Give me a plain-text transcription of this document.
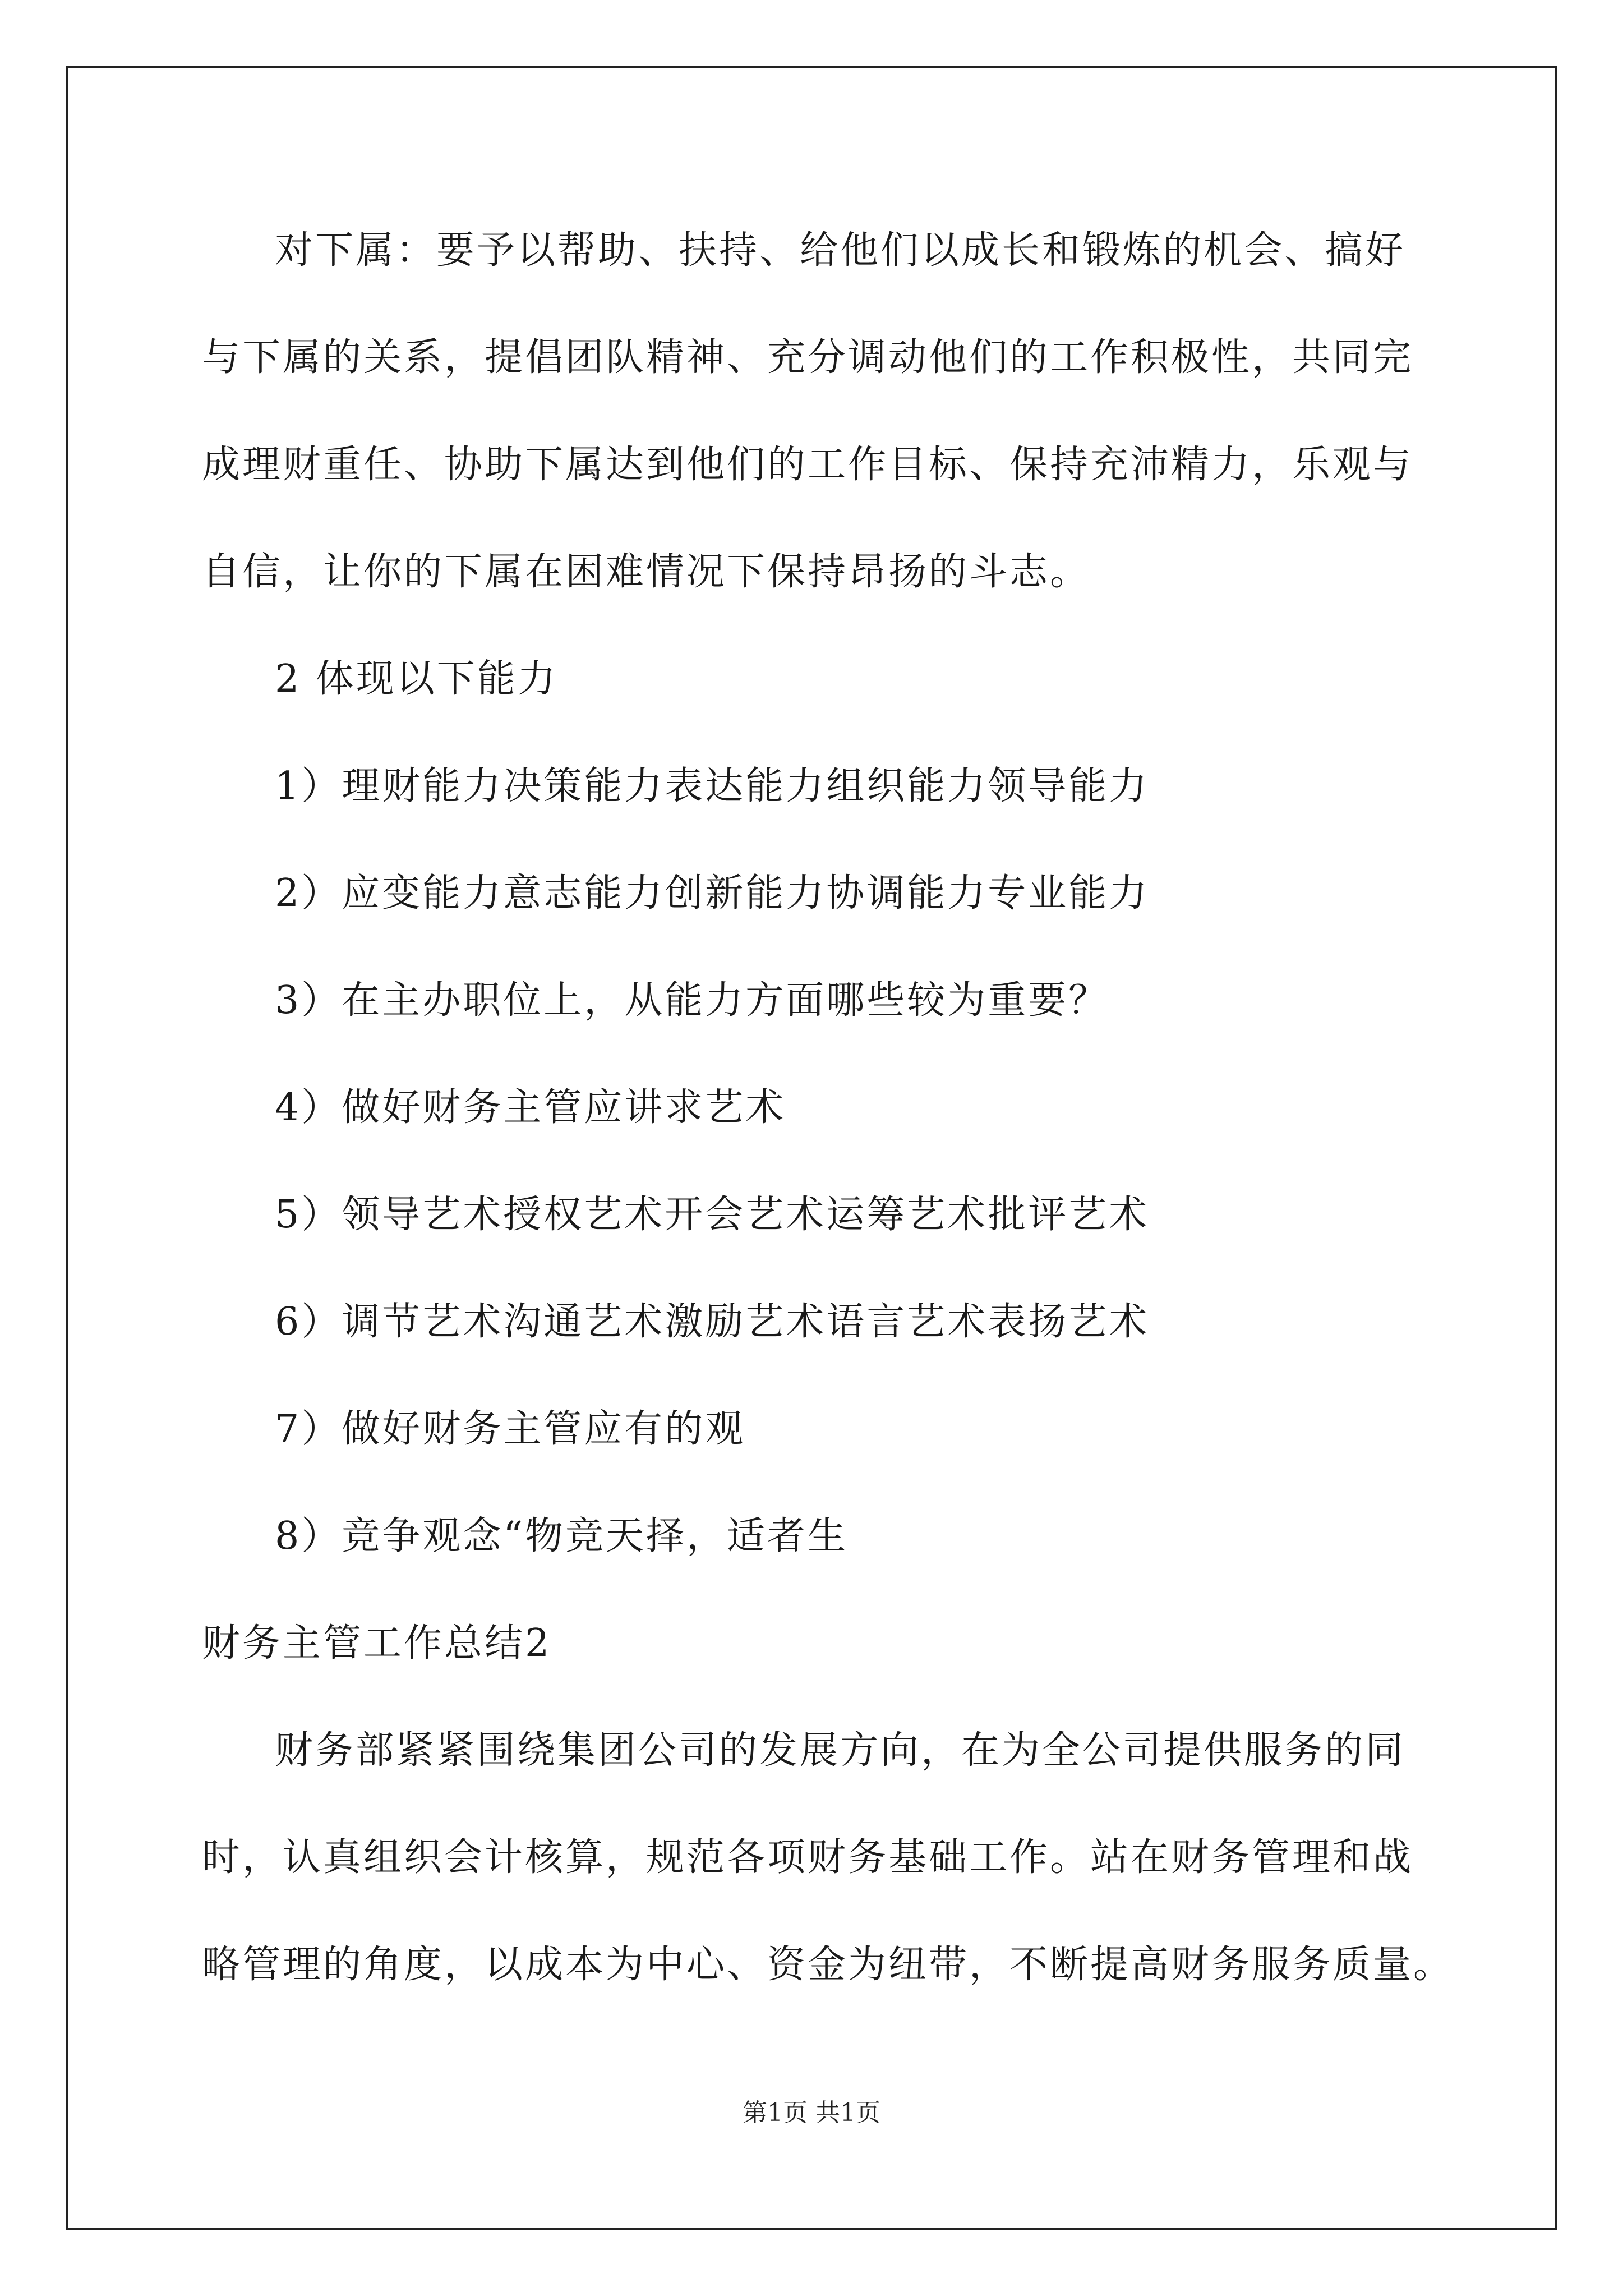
对下属：要予以帮助、扶持、给他们以成长和锻炼的机会、搞好
与下属的关系，提倡团队精神、充分调动他们的工作积极性，共同完
成理财重任、协助下属达到他们的工作目标、保持充沛精力，乐观与
自信，让你的下属在困难情况下保持昂扬的斗志。
2 体现以下能力
1）理财能力决策能力表达能力组织能力领导能力
2）应变能力意志能力创新能力协调能力专业能力
3）在主办职位上，从能力方面哪些较为重要？
4）做好财务主管应讲求艺术
5）领导艺术授权艺术开会艺术运筹艺术批评艺术
6）调节艺术沟通艺术激励艺术语言艺术表扬艺术
7）做好财务主管应有的观
8）竞争观念“物竞天择，适者生
财务主管工作总结2
财务部紧紧围绕集团公司的发展方向，在为全公司提供服务的同
时，认真组织会计核算，规范各项财务基础工作。站在财务管理和战
略管理的角度，以成本为中心、资金为纽带，不断提高财务服务质量。
第1页 共1页
